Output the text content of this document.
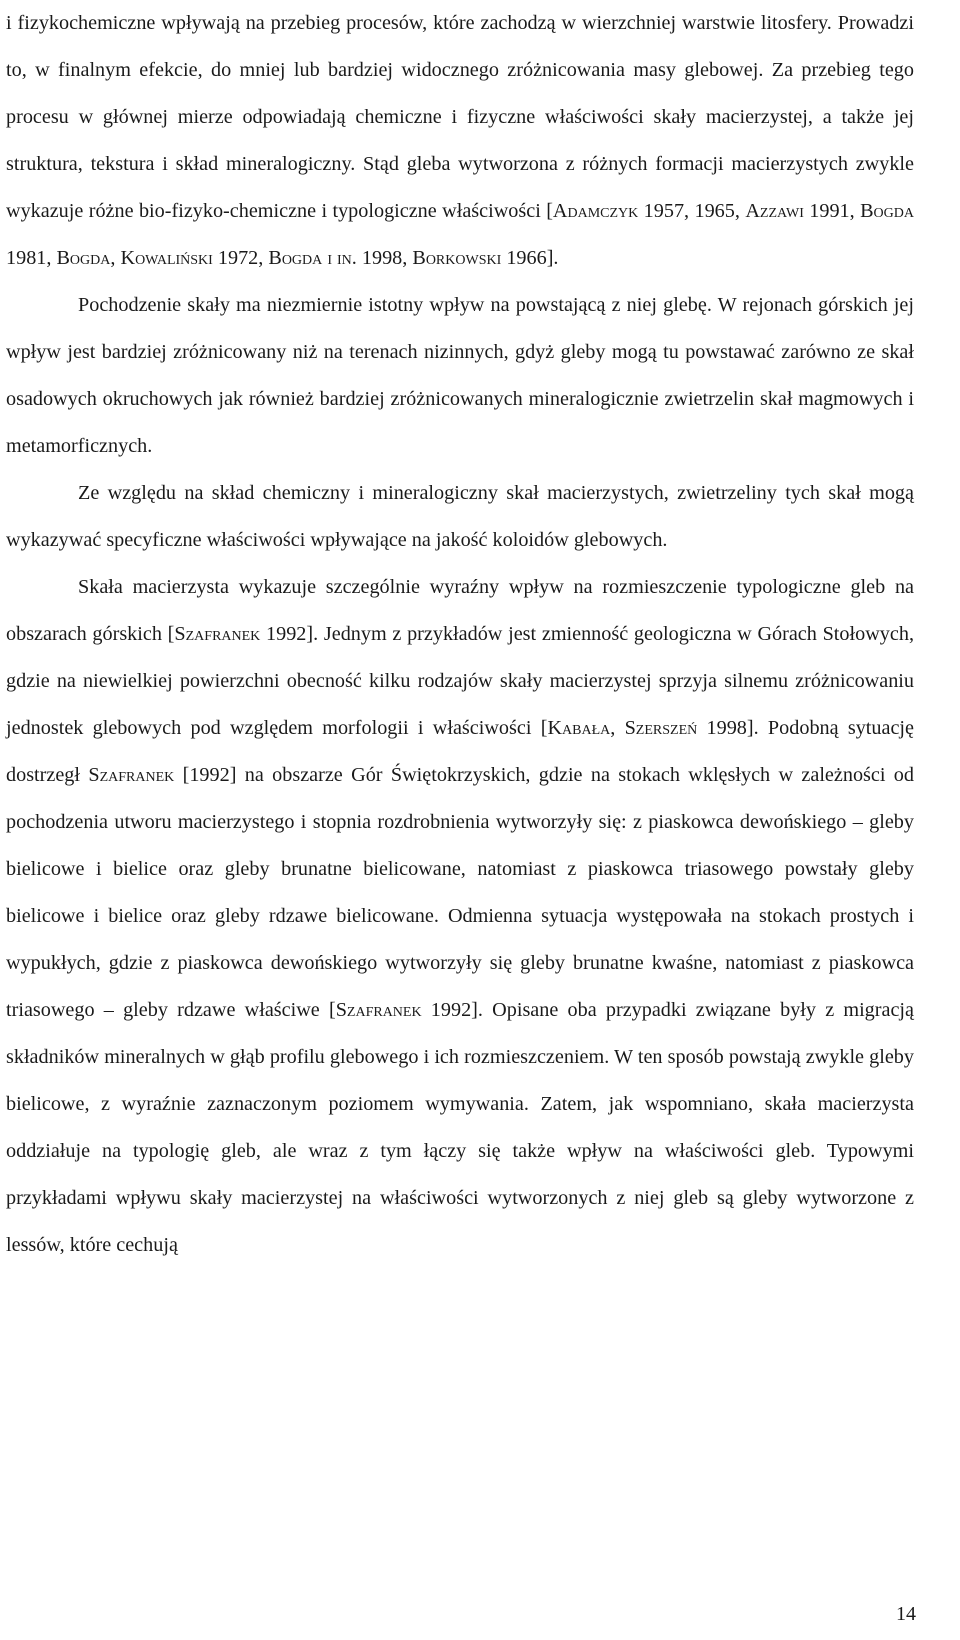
i fizykochemiczne wpływają na przebieg procesów, które zachodzą w wierzchniej warstwie litosfery. Prowadzi to, w finalnym efekcie, do mniej lub bardziej widocznego zróżnicowania masy glebowej. Za przebieg tego procesu w głównej mierze odpowiadają chemiczne i fizyczne właściwości skały macierzystej, a także jej struktura, tekstura i skład mineralogiczny. Stąd gleba wytworzona z różnych formacji macierzystych zwykle wykazuje różne bio-fizyko-chemiczne i typologiczne właściwości [Adamczyk 1957, 1965, Azzawi 1991, Bogda 1981, Bogda, Kowaliński 1972, Bogda i in. 1998, Borkowski 1966].

Pochodzenie skały ma niezmiernie istotny wpływ na powstającą z niej glebę. W rejonach górskich jej wpływ jest bardziej zróżnicowany niż na terenach nizinnych, gdyż gleby mogą tu powstawać zarówno ze skał osadowych okruchowych jak również bardziej zróżnicowanych mineralogicznie zwietrzelin skał magmowych i metamorficznych.

Ze względu na skład chemiczny i mineralogiczny skał macierzystych, zwietrzeliny tych skał mogą wykazywać specyficzne właściwości wpływające na jakość koloidów glebowych.

Skała macierzysta wykazuje szczególnie wyraźny wpływ na rozmieszczenie typologiczne gleb na obszarach górskich [Szafranek 1992]. Jednym z przykładów jest zmienność geologiczna w Górach Stołowych, gdzie na niewielkiej powierzchni obecność kilku rodzajów skały macierzystej sprzyja silnemu zróżnicowaniu jednostek glebowych pod względem morfologii i właściwości [Kabała, Szerszeń 1998]. Podobną sytuację dostrzegł Szafranek [1992] na obszarze Gór Świętokrzyskich, gdzie na stokach wklęsłych w zależności od pochodzenia utworu macierzystego i stopnia rozdrobnienia wytworzyły się: z piaskowca dewońskiego – gleby bielicowe i bielice oraz gleby brunatne bielicowane, natomiast z piaskowca triasowego powstały gleby bielicowe i bielice oraz gleby rdzawe bielicowane. Odmienna sytuacja występowała na stokach prostych i wypukłych, gdzie z piaskowca dewońskiego wytworzyły się gleby brunatne kwaśne, natomiast z piaskowca triasowego – gleby rdzawe właściwe [Szafranek 1992]. Opisane oba przypadki związane były z migracją składników mineralnych w głąb profilu glebowego i ich rozmieszczeniem. W ten sposób powstają zwykle gleby bielicowe, z wyraźnie zaznaczonym poziomem wymywania. Zatem, jak wspomniano, skała macierzysta oddziałuje na typologię gleb, ale wraz z tym łączy się także wpływ na właściwości gleb. Typowymi przykładami wpływu skały macierzystej na właściwości wytworzonych z niej gleb są gleby wytworzone z lessów, które cechują

14
